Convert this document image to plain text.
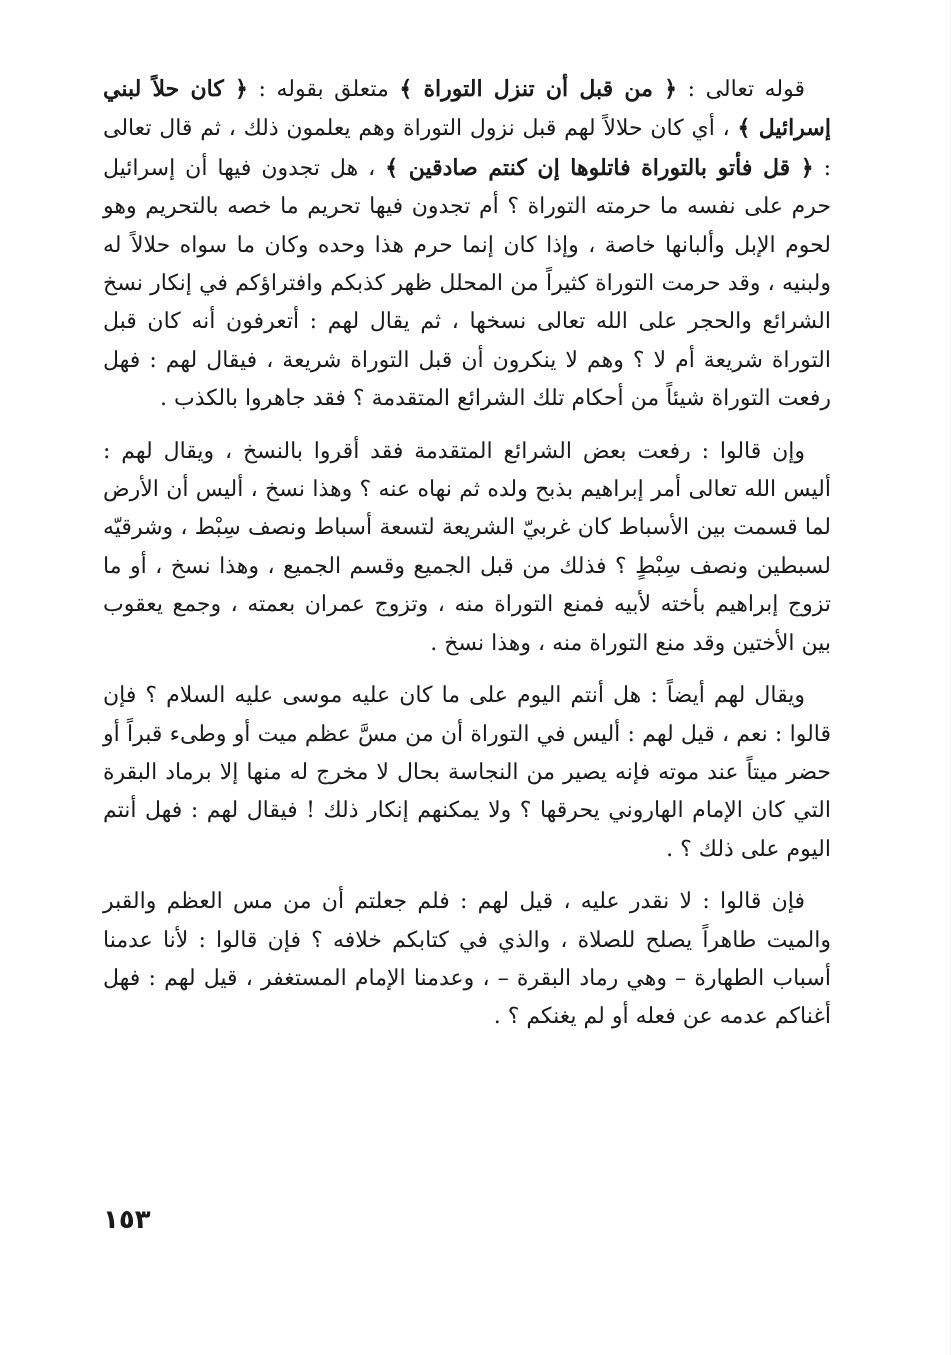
قوله تعالى : ﴿ من قبل أن تنزل التوراة ﴾ متعلق بقوله : ﴿ كان حلاً لبني إسرائيل ﴾ ، أي كان حلالاً لهم قبل نزول التوراة وهم يعلمون ذلك ، ثم قال تعالى : ﴿ قل فأتو بالتوراة فاتلوها إن كنتم صادقين ﴾ ، هل تجدون فيها أن إسرائيل حرم على نفسه ما حرمته التوراة ؟ أم تجدون فيها تحريم ما خصه بالتحريم وهو لحوم الإبل وألبانها خاصة ، وإذا كان إنما حرم هذا وحده وكان ما سواه حلالاً له ولبنيه ، وقد حرمت التوراة كثيراً من المحلل ظهر كذبكم وافتراؤكم في إنكار نسخ الشرائع والحجر على الله تعالى نسخها ، ثم يقال لهم : أتعرفون أنه كان قبل التوراة شريعة أم لا ؟ وهم لا ينكرون أن قبل التوراة شريعة ، فيقال لهم : فهل رفعت التوراة شيئاً من أحكام تلك الشرائع المتقدمة ؟ فقد جاهروا بالكذب .

وإن قالوا : رفعت بعض الشرائع المتقدمة فقد أقروا بالنسخ ، ويقال لهم : أليس الله تعالى أمر إبراهيم بذبح ولده ثم نهاه عنه ؟ وهذا نسخ ، أليس أن الأرض لما قسمت بين الأسباط كان غربيّ الشريعة لتسعة أسباط ونصف سِبْط ، وشرقيّه لسبطين ونصف سِبْطٍ ؟ فذلك من قبل الجميع وقسم الجميع ، وهذا نسخ ، أو ما تزوج إبراهيم بأخته لأبيه فمنع التوراة منه ، وتزوج عمران بعمته ، وجمع يعقوب بين الأختين وقد منع التوراة منه ، وهذا نسخ .

ويقال لهم أيضاً : هل أنتم اليوم على ما كان عليه موسى عليه السلام ؟ فإن قالوا : نعم ، قيل لهم : أليس في التوراة أن من مسَّ عظم ميت أو وطىء قبراً أو حضر ميتاً عند موته فإنه يصير من النجاسة بحال لا مخرج له منها إلا برماد البقرة التي كان الإمام الهاروني يحرقها ؟ ولا يمكنهم إنكار ذلك ! فيقال لهم : فهل أنتم اليوم على ذلك ؟ .

فإن قالوا : لا نقدر عليه ، قيل لهم : فلم جعلتم أن من مس العظم والقبر والميت طاهراً يصلح للصلاة ، والذي في كتابكم خلافه ؟ فإن قالوا : لأنا عدمنا أسباب الطهارة – وهي رماد البقرة – ، وعدمنا الإمام المستغفر ، قيل لهم : فهل أغناكم عدمه عن فعله أو لم يغنكم ؟ .

١٥٣
